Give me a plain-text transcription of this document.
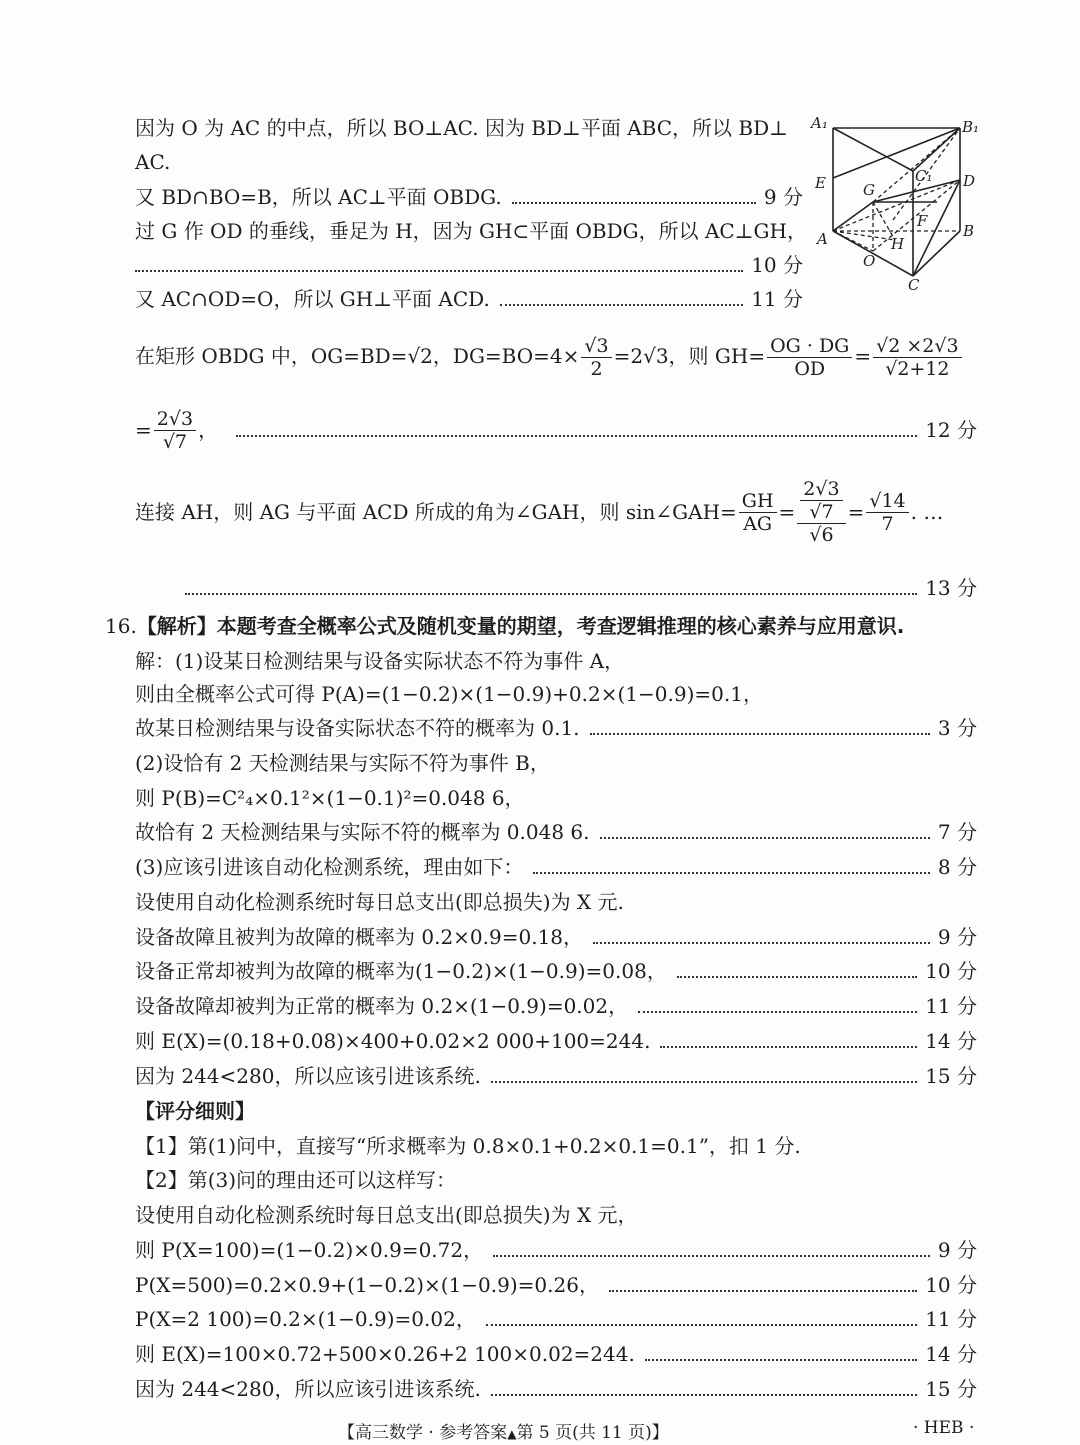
因为 O 为 AC 的中点，所以 BO⊥AC. 因为 BD⊥平面 ABC，所以 BD⊥
AC.
又 BD∩BO=B，所以 AC⊥平面 OBDG.	9 分
过 G 作 OD 的垂线，垂足为 H，因为 GH⊂平面 OBDG，所以 AC⊥GH，
10 分
又 AC∩OD=O，所以 GH⊥平面 ACD.	11 分
在矩形 OBDG 中，OG=BD=√2，$DG=BO=4\times \frac{√3}{2} =2√3$，则 $GH= \frac{OG \cdot DG}{OD} = \frac{√2 \times 2√3}{√2+12}$
= $\frac{2√3}{√7}$ ，	12 分
连接 AH，则 AG 与平面 ACD 所成的角为∠GAH，则 sin∠GAH= $\frac{GH}{AG} = \frac{\frac{2√3}{√7}}{√6} = \frac{√14}{7}$ . …
13 分
A₁	B₁
C₁
E G	D
F
A	H
B
O
C
16.【解析】本题考查全概率公式及随机变量的期望，考查逻辑推理的核心素养与应用意识.
解：(1)设某日检测结果与设备实际状态不符为事件 A，
则由全概率公式可得 P(A)=(1−0.2)×(1−0.9)+0.2×(1−0.9)=0.1，
故某日检测结果与设备实际状态不符的概率为 0.1.	3 分
(2)设恰有 2 天检测结果与实际不符为事件 B，
则 P(B)=C²₄×0.1²×(1−0.1)²=0.048 6，
故恰有 2 天检测结果与实际不符的概率为 0.048 6.	7 分
(3)应该引进该自动化检测系统，理由如下：	8 分
设使用自动化检测系统时每日总支出(即总损失)为 X 元.
设备故障且被判为故障的概率为 0.2×0.9=0.18，	9 分
设备正常却被判为故障的概率为(1−0.2)×(1−0.9)=0.08，	10 分
设备故障却被判为正常的概率为 0.2×(1−0.9)=0.02，	11 分
则 E(X)=(0.18+0.08)×400+0.02×2 000+100=244.	14 分
因为 244<280，所以应该引进该系统.	15 分
【评分细则】
【1】第(1)问中，直接写“所求概率为 0.8×0.1+0.2×0.1=0.1”，扣 1 分.
【2】第(3)问的理由还可以这样写：
设使用自动化检测系统时每日总支出(即总损失)为 X 元，
则 P(X=100)=(1−0.2)×0.9=0.72，	9 分
P(X=500)=0.2×0.9+(1−0.2)×(1−0.9)=0.26，	10 分
P(X=2 100)=0.2×(1−0.9)=0.02，	11 分
则 E(X)=100×0.72+500×0.26+2 100×0.02=244.	14 分
因为 244<280，所以应该引进该系统.	15 分
【高三数学 · 参考答案▲第 5 页(共 11 页)】	· HEB ·
